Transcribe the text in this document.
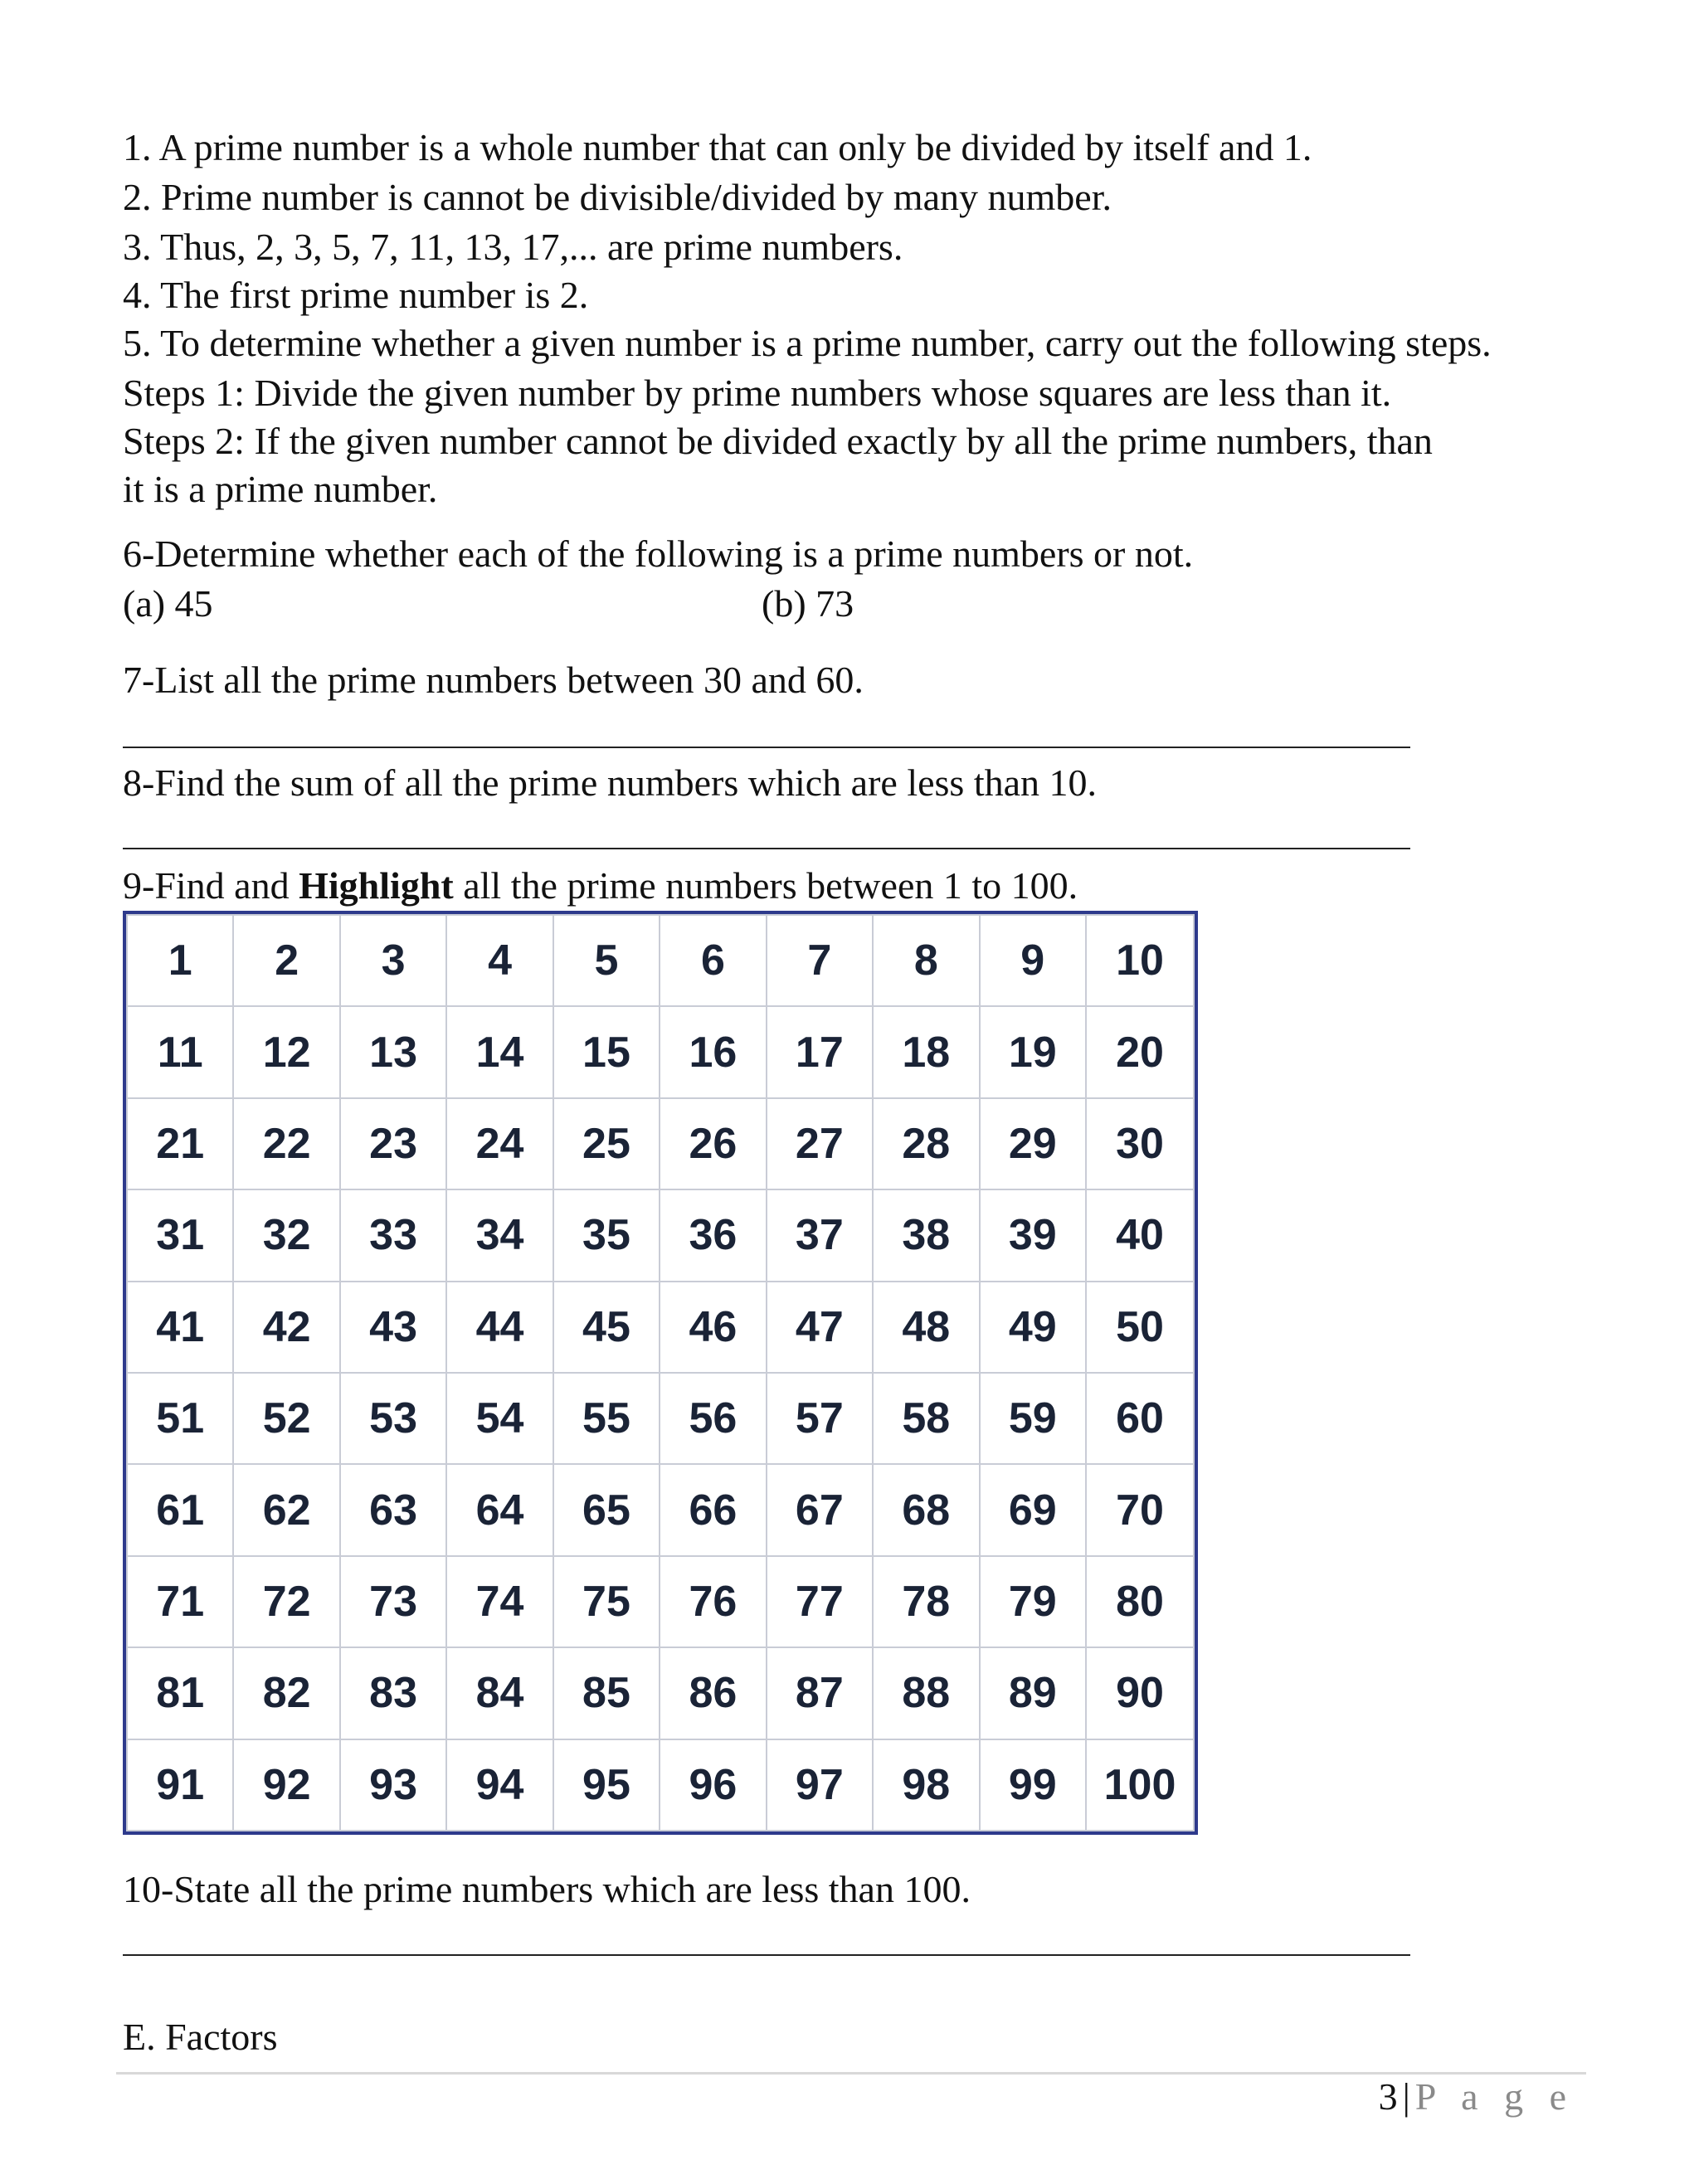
1. A prime number is a whole number that can only be divided by itself and 1.
2. Prime number is cannot be divisible/divided by many number.
3. Thus, 2, 3, 5, 7, 11, 13, 17,... are prime numbers.
4. The first prime number is 2.
5. To determine whether a given number is a prime number, carry out the following steps.
Steps 1: Divide the given number by prime numbers whose squares are less than it.
Steps 2: If the given number cannot be divided exactly by all the prime numbers, than
it is a prime number.
6-Determine whether each of the following is a prime numbers or not.
(a) 45	(b) 73
7-List all the prime numbers between 30 and 60.
8-Find the sum of all the prime numbers which are less than 10.
9-Find and Highlight all the prime numbers between 1 to 100.
1	2	3	4	5	6	7	8	9	10
11	12	13	14	15	16	17	18	19	20
21	22	23	24	25	26	27	28	29	30
31	32	33	34	35	36	37	38	39	40
41	42	43	44	45	46	47	48	49	50
51	52	53	54	55	56	57	58	59	60
61	62	63	64	65	66	67	68	69	70
71	72	73	74	75	76	77	78	79	80
81	82	83	84	85	86	87	88	89	90
91	92	93	94	95	96	97	98	99	100
10-State all the prime numbers which are less than 100.
E. Factors
3 | P a g e
